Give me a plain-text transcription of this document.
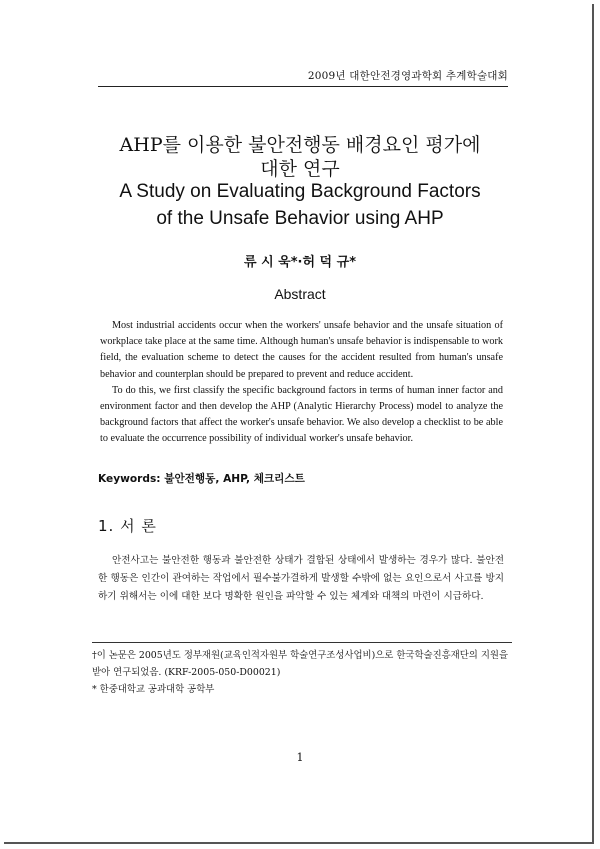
2009년 대한안전경영과학회 추계학술대회
AHP를 이용한 불안전행동 배경요인 평가에
대한 연구
A Study on Evaluating Background Factors
of the Unsafe Behavior using AHP
류 시 욱*·허 덕 규*
Abstract

Most industrial accidents occur when the workers' unsafe behavior and the unsafe situation of workplace take place at the same time. Although human's unsafe behavior is indispensable to work field, the evaluation scheme to detect the causes for the accident resulted from human's unsafe behavior and counterplan should be prepared to prevent and reduce accident.

To do this, we first classify the specific background factors in terms of human inner factor and environment factor and then develop the AHP (Analytic Hierarchy Process) model to analyze the background factors that affect the worker's unsafe behavior. We also develop a checklist to be able to evaluate the occurrence possibility of individual worker's unsafe behavior.

Keywords: 불안전행동, AHP, 체크리스트
1. 서 론

안전사고는 불안전한 행동과 불안전한 상태가 결합된 상태에서 발생하는 경우가 많다. 불안전한 행동은 인간이 관여하는 작업에서 필수불가결하게 발생할 수밖에 없는 요인으로서 사고를 방지하기 위해서는 이에 대한 보다 명확한 원인을 파악할 수 있는 체계와 대책의 마련이 시급하다.

†이 논문은 2005년도 정부재원(교육인적자원부 학술연구조성사업비)으로 한국학술진흥재단의 지원을 받아 연구되었음. (KRF-2005-050-D00021)
* 한중대학교 공과대학 공학부
1
